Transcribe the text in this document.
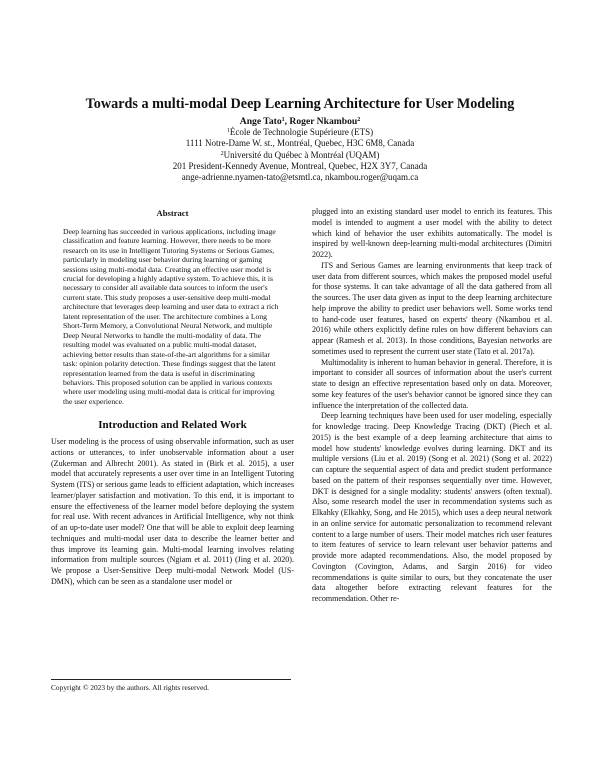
Towards a multi-modal Deep Learning Architecture for User Modeling
Ange Tato$^1$, Roger Nkambou$^2$
$^1$École de Technologie Supérieure (ETS)
1111 Notre-Dame W. st., Montréal, Quebec, H3C 6M8, Canada
$^2$Université du Québec à Montréal (UQAM)
201 President-Kennedy Avenue, Montreal, Quebec, H2X 3Y7, Canada
ange-adrienne.nyamen-tato@etsmtl.ca, nkambou.roger@uqam.ca
Abstract

Deep learning has succeeded in various applications, including image classification and feature learning. However, there needs to be more research on its use in Intelligent Tutoring Systems or Serious Games, particularly in modeling user behavior during learning or gaming sessions using multi-modal data. Creating an effective user model is crucial for developing a highly adaptive system. To achieve this, it is necessary to consider all available data sources to inform the user's current state. This study proposes a user-sensitive deep multi-modal architecture that leverages deep learning and user data to extract a rich latent representation of the user. The architecture combines a Long Short-Term Memory, a Convolutional Neural Network, and multiple Deep Neural Networks to handle the multi-modality of data. The resulting model was evaluated on a public multi-modal dataset, achieving better results than state-of-the-art algorithms for a similar task: opinion polarity detection. These findings suggest that the latent representation learned from the data is useful in discriminating behaviors. This proposed solution can be applied in various contexts where user modeling using multi-modal data is critical for improving the user experience.

Introduction and Related Work

User modeling is the process of using observable information, such as user actions or utterances, to infer unobservable information about a user (Zukerman and Albrecht 2001). As stated in (Birk et al. 2015), a user model that accurately represents a user over time in an Intelligent Tutoring System (ITS) or serious game leads to efficient adaptation, which increases learner/player satisfaction and motivation. To this end, it is important to ensure the effectiveness of the learner model before deploying the system for real use. With recent advances in Artificial Intelligence, why not think of an up-to-date user model? One that will be able to exploit deep learning techniques and multi-modal user data to describe the learner better and thus improve its learning gain. Multi-modal learning involves relating information from multiple sources (Ngiam et al. 2011) (Jing et al. 2020). We propose a User-Sensitive Deep multi-modal Network Model (US-DMN), which can be seen as a standalone user model or

plugged into an existing standard user model to enrich its features. This model is intended to augment a user model with the ability to detect which kind of behavior the user exhibits automatically. The model is inspired by well-known deep-learning multi-modal architectures (Dimitri 2022).

ITS and Serious Games are learning environments that keep track of user data from different sources, which makes the proposed model useful for those systems. It can take advantage of all the data gathered from all the sources. The user data given as input to the deep learning architecture help improve the ability to predict user behaviors well. Some works tend to hand-code user features, based on experts' theory (Nkambou et al. 2016) while others explicitly define rules on how different behaviors can appear (Ramesh et al. 2013). In those conditions, Bayesian networks are sometimes used to represent the current user state (Tato et al. 2017a).

Multimodality is inherent to human behavior in general. Therefore, it is important to consider all sources of information about the user's current state to design an effective representation based only on data. Moreover, some key features of the user's behavior cannot be ignored since they can influence the interpretation of the collected data.

Deep learning techniques have been used for user modeling, especially for knowledge tracing. Deep Knowledge Tracing (DKT) (Piech et al. 2015) is the best example of a deep learning architecture that aims to model how students' knowledge evolves during learning. DKT and its multiple versions (Liu et al. 2019) (Song et al. 2021) (Song et al. 2022) can capture the sequential aspect of data and predict student performance based on the pattern of their responses sequentially over time. However, DKT is designed for a single modality: students' answers (often textual). Also, some research model the user in recommendation systems such as Elkahky (Elkahky, Song, and He 2015), which uses a deep neural network in an online service for automatic personalization to recommend relevant content to a large number of users. Their model matches rich user features to item features of service to learn relevant user behavior patterns and provide more adapted recommendations. Also, the model proposed by Covington (Covington, Adams, and Sargin 2016) for video recommendations is quite similar to ours, but they concatenate the user data altogether before extracting relevant features for the recommendation. Other re-

Copyright © 2023 by the authors. All rights reserved.
